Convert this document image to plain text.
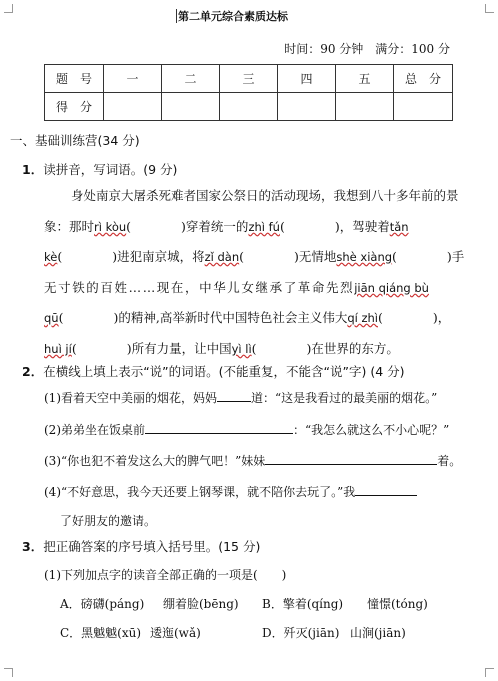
第二单元综合素质达标
时间：90 分钟　满分：100 分
题　号	一	二	三	四	五	总　分
得　分						
一、基础训练营(34 分)
1．读拼音，写词语。(9 分)
身处南京大屠杀死难者国家公祭日的活动现场，我想到八十多年前的景
象：那时rì kòu(　　　　)穿着统一的zhì fú(　　　　)，驾驶着tǎn
kè(　　　　)进犯南京城，将zǐ dàn(　　　　)无情地shè xiàng(　　　　)手
无寸铁的百姓……现在，中华儿女继承了革命先烈jiān qiáng bù
qū(　　　　)的精神,高举新时代中国特色社会主义伟大qí zhì(　　　　)，
huì jí(　　　　)所有力量，让中国yì lì(　　　　)在世界的东方。
2．在横线上填上表示“说”的词语。(不能重复，不能含“说”字) (4 分)
(1)看着天空中美丽的烟花，妈妈	道：“这是我看过的最美丽的烟花。”
(2)弟弟坐在饭桌前	：“我怎么就这么不小心呢？”
(3)“你也犯不着发这么大的脾气吧！”妹妹	着。
(4)“不好意思，我今天还要上钢琴课，就不陪你去玩了。”我
了好朋友的邀请。
3．把正确答案的序号填入括号里。(15 分)
(1)下列加点字的读音全部正确的一项是(　　)
A．磅礴(páng) 绷着脸(bēng) B．擎着(qíng) 憧憬(tóng)
C．黑魆魆(xū) 逶迤(wǎ)	D．歼灭(jiān) 山涧(jiān)
